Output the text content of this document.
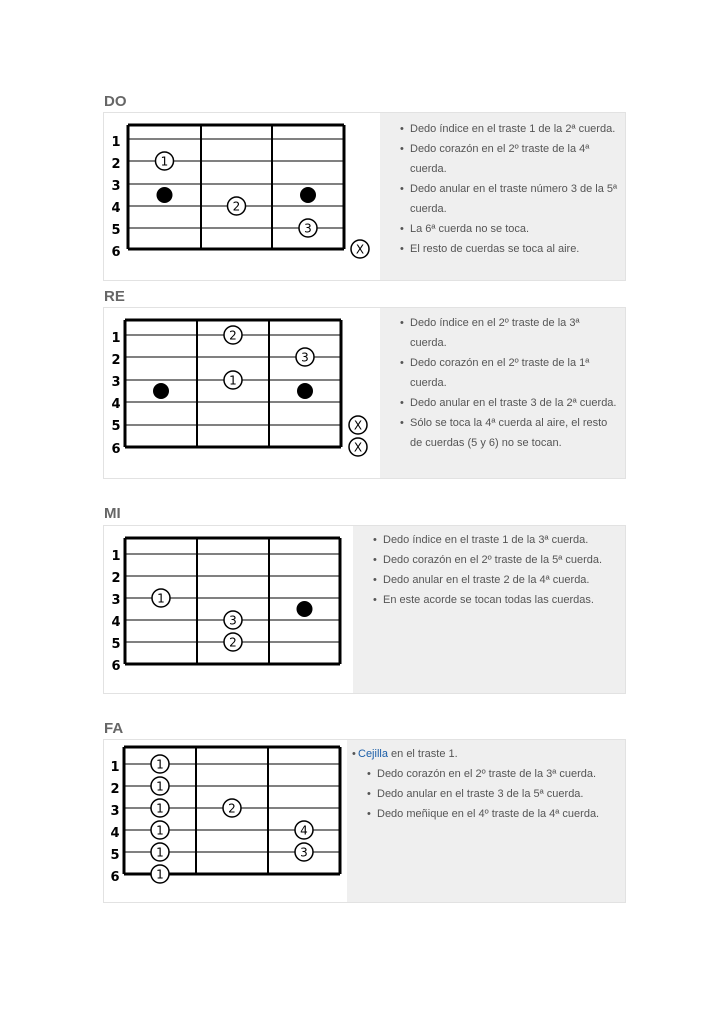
DO
1
2
3
4
5
6
1
2
3
X
• Dedo índice en el traste 1 de la 2ª cuerda.
• Dedo corazón en el 2º traste de la 4ª cuerda.
• Dedo anular en el traste número 3 de la 5ª cuerda.
• La 6ª cuerda no se toca.
• El resto de cuerdas se toca al aire.
RE
1
2
3
4
5
6
2
3
1
X
X
• Dedo índice en el 2º traste de la 3ª cuerda.
• Dedo corazón en el 2º traste de la 1ª cuerda.
• Dedo anular en el traste 3 de la 2ª cuerda.
• Sólo se toca la 4ª cuerda al aire, el resto de cuerdas (5 y 6) no se tocan.
MI
1
2
3
4
5
6
1
3
2
• Dedo índice en el traste 1 de la 3ª cuerda.
• Dedo corazón en el 2º traste de la 5ª cuerda.
• Dedo anular en el traste 2 de la 4ª cuerda.
• En este acorde se tocan todas las cuerdas.
FA
1
2
3
4
5
6
1
1
1
1
1
1
2
4
3
• Cejilla en el traste 1.
• Dedo corazón en el 2º traste de la 3ª cuerda.
• Dedo anular en el traste 3 de la 5ª cuerda.
• Dedo meñique en el 4º traste de la 4ª cuerda.
